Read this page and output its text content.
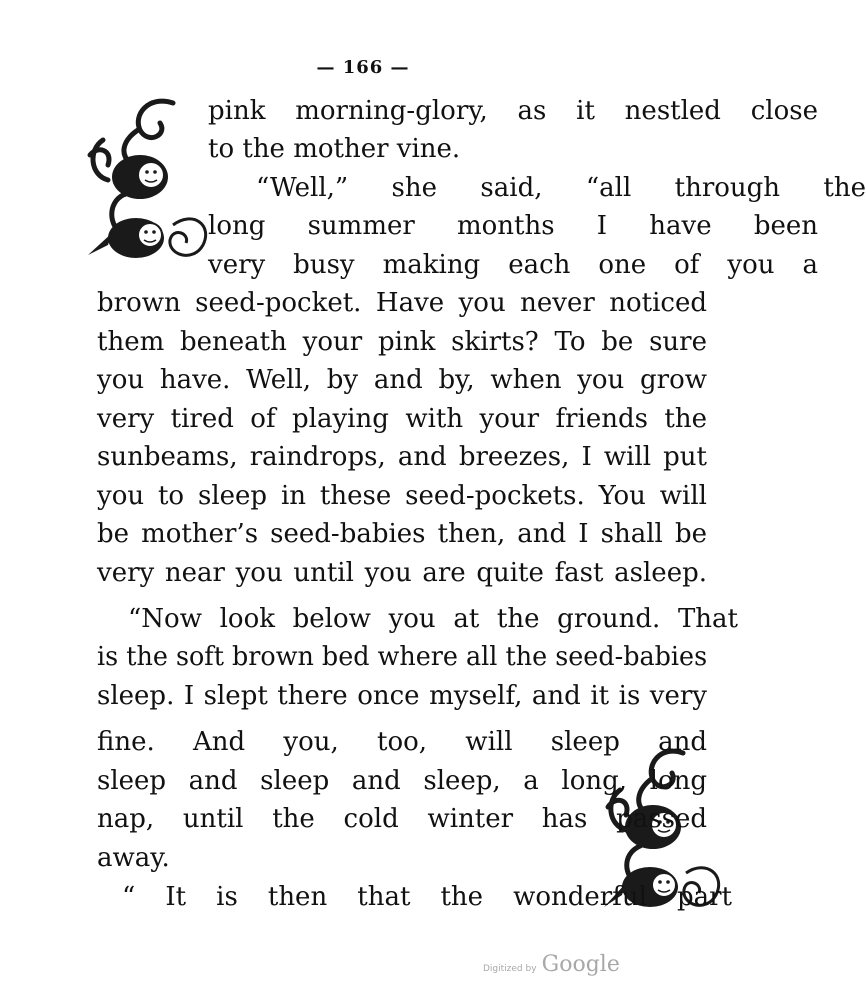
— 166 —
pink morning-glory, as it nestled close
to the mother vine.
“Well,” she said, “all through the
long summer months I have been
very busy making each one of you a
brown seed-pocket. Have you never noticed
them beneath your pink skirts? To be sure
you have. Well, by and by, when you grow
very tired of playing with your friends the
sunbeams, raindrops, and breezes, I will put
you to sleep in these seed-pockets. You will
be mother’s seed-babies then, and I shall be
very near you until you are quite fast asleep.
“Now look below you at the ground. That
is the soft brown bed where all the seed-babies
sleep. I slept there once myself, and it is very
fine. And you, too, will sleep and
sleep and sleep and sleep, a long, long
nap, until the cold winter has passed
away.
“ It is then that the wonderful part
Digitized by Google
